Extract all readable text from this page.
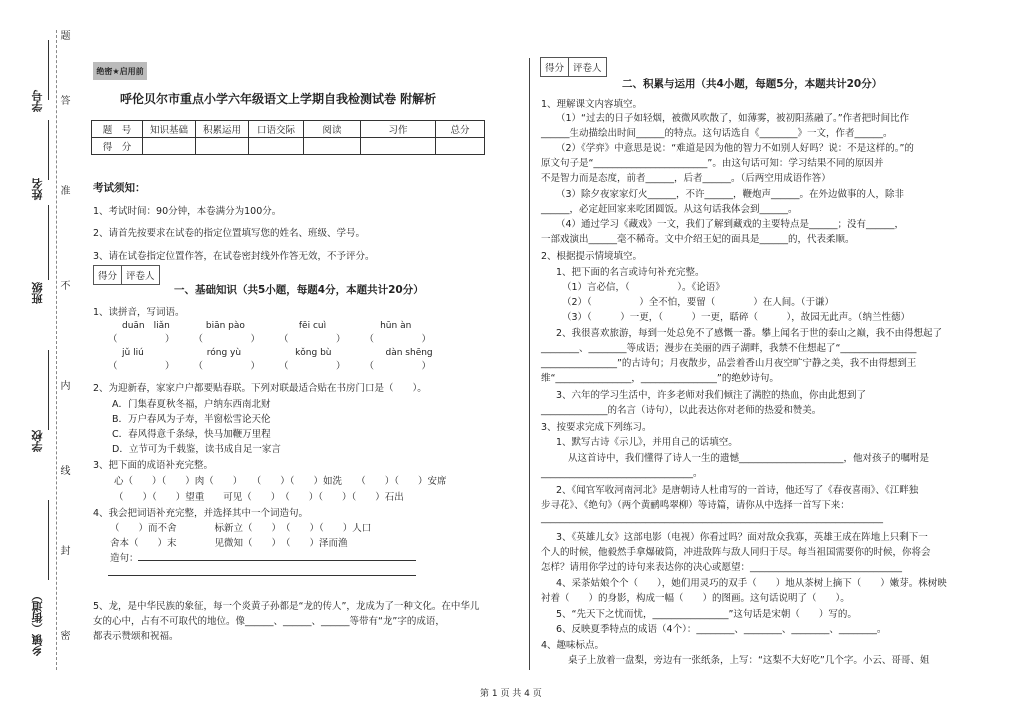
题
学号 答
姓名 准
班级 不
内
学校
线
封
乡镇（街道） 密
绝密★启用前
呼伦贝尔市重点小学六年级语文上学期自我检测试卷 附解析
题　号	知识基础	积累运用	口语交际	阅读	习作	总分
得　分						
考试须知：
1、考试时间：90分钟，本卷满分为100分。
2、请首先按要求在试卷的指定位置填写您的姓名、班级、学号。
3、请在试卷指定位置作答，在试卷密封线外作答无效，不予评分。
得分 评卷人
一、基础知识（共5小题，每题4分，本题共计20分）
1、读拼音，写词语。
duān　liǎn　　　　biān pào　　　　　　fēi cuì　　　　　　hūn àn
（　　　　　）　　　（　　　　　）　　　（　　　　　）　　　（　　　　　）
jǔ liú　　　　　　　róng yù　　　　　　kǒng bù　　　　　　dàn shēng
（　　　　　）　　　（　　　　　）　　　（　　　　　）　　　（　　　　　）
2、为迎新春，家家户户都要贴春联。下列对联最适合贴在书房门口是（　　）。
A．门集春夏秋冬福，户纳东西南北财
B．万户春风为子寿，半窗松雪论天伦
C．春风得意千条绿，快马加鞭万里程
D．立节可为千载鉴，读书成自足一家言
3、把下面的成语补充完整。
心（　　）（　　）肉（　　）　　（　　）（　　）如洗　　（　　）（　　）安席
（　　）（　　）望重　　可见（　　）　（　　）（　　）（　　）石出
4、我会把词语补充完整，并选择其中一个词造句。
（　　）而不舍　　　　标新立（　　）　（　　）（　　）人口
舍本（　　）末　　　　见微知（　　）　（　　）泽而渔
造句：
5、龙，是中华民族的象征，每一个炎黄子孙都是“龙的传人”，龙成为了一种文化。在中华儿
女的心中，占有不可取代的地位。像______、______、______等带有“龙”字的成语，
都表示赞颂和祝福。
得分 评卷人
二、积累与运用（共4小题，每题5分，本题共计20分）
1、理解课文内容填空。
（1）“过去的日子如轻烟，被微风吹散了，如薄雾，被初阳蒸融了。”作者把时间比作
______生动描绘出时间______的特点。这句话选自《________》一文，作者______。
（2）《学弈》中意思是说：“难道是因为他的智力不如别人好吗？说：不是这样的。”的
原文句子是“________________________”。由这句话可知：学习结果不同的原因并
不是智力而是态度，前者______，后者______。（后两空用成语作答）
（3）除夕夜家家灯火______，不许______，鞭炮声______。在外边做事的人，除非
______，必定赶回家来吃团圆饭。从这句话我体会到______。
（4）通过学习《藏戏》一文，我们了解到藏戏的主要特点是______；没有______，
一部戏演出______毫不稀奇。文中介绍王妃的面具是______的，代表柔顺。
2、根据提示情境填空。
1、把下面的名言或诗句补充完整。
（1）言必信，（　　　　　）。《论语》
（2）（　　　　　）全不怕，要留（　　　　）在人间。（于谦）
（3）（　　　）一更，（　　　）一更，聒碎（　　　），故园无此声。（纳兰性德）
2、我很喜欢旅游，每到一处总免不了感慨一番。攀上闻名于世的泰山之巅，我不由得想起了
________、________等成语；漫步在美丽的西子湖畔，我禁不住想起了“________________
________________”的古诗句；月夜散步，品尝着香山月夜空旷宁静之美，我不由得想到王
维“________________，________________”的绝妙诗句。
3、六年的学习生活中，许多老师对我们倾注了满腔的热血，你由此想到了
______________的名言（诗句），以此表达你对老师的热爱和赞美。
3、按要求完成下列练习。
1、默写古诗《示儿》，并用自己的话填空。
从这首诗中，我们懂得了诗人一生的遗憾______________________，他对孩子的嘱咐是
________________________________。
2、《闻官军收河南河北》是唐朝诗人杜甫写的一首诗，他还写了《春夜喜雨》、《江畔独
步寻花》、《绝句》（两个黄鹂鸣翠柳）等诗篇，请你从中选择一首写下来：
________________________________________________________________________
3、《英雄儿女》这部电影（电视）你看过吗？面对敌众我寡，英雄王成在阵地上只剩下一
个人的时候，他毅然手拿爆破筒，冲进敌阵与敌人同归于尽。每当祖国需要你的时候，你将会
怎样？请用你学过的诗句来表达你的决心或愿望：________________________________
4、采茶姑娘个个（　　），她们用灵巧的双手（　　）地从茶树上摘下（　　）嫩芽。株树映
衬着（　　）的身影，构成一幅（　　）的图画。这句话说明了（　　）。
5、“先天下之忧而忧，________________”这句话是宋朝（　　）写的。
6、反映夏季特点的成语（4个）：________、________、________、________。
4、趣味标点。
桌子上放着一盘梨，旁边有一张纸条，上写：“这梨不大好吃”几个字。小云、哥哥、姐
第 1 页 共 4 页
